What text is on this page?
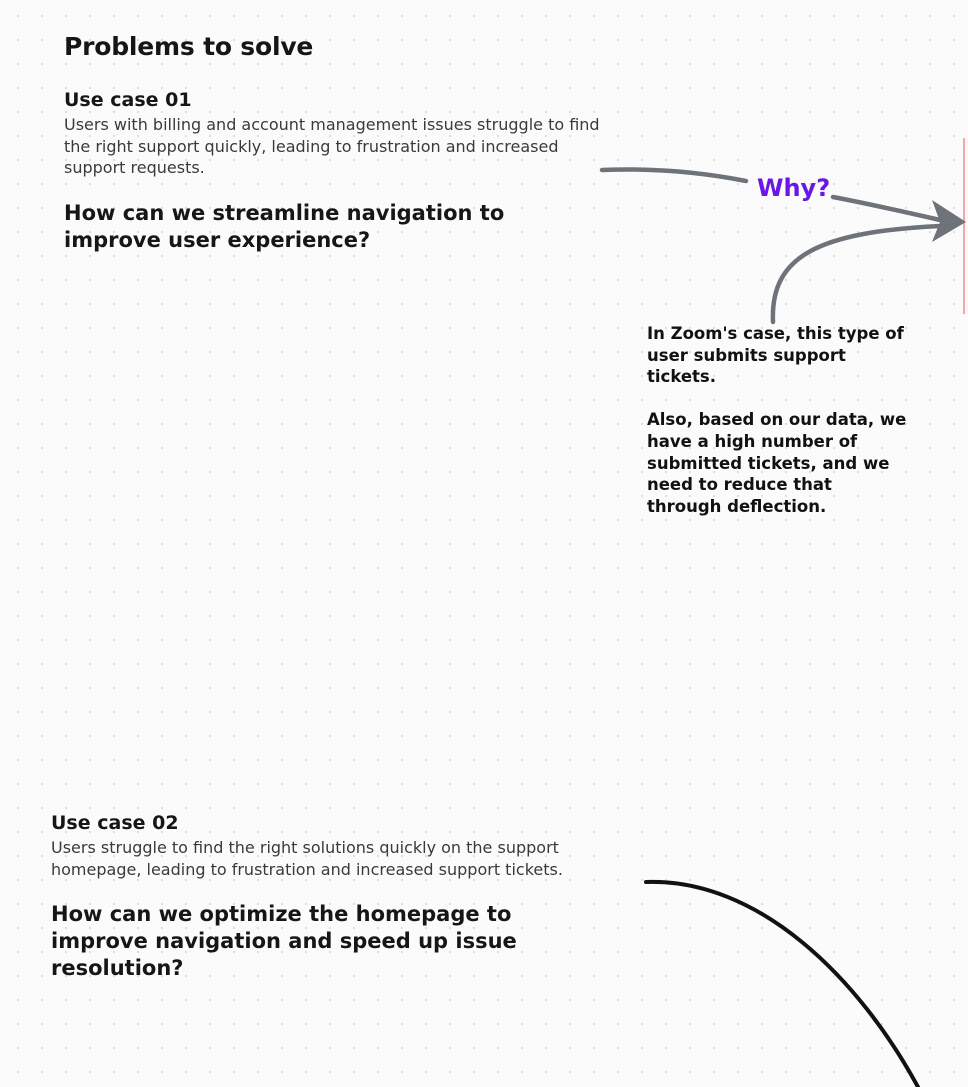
Problems to solve
Use case 01
Users with billing and account management issues struggle to find the right support quickly, leading to frustration and increased support requests.
How can we streamline navigation to improve user experience?
Why?

In Zoom's case, this type of user submits support tickets.

Also, based on our data, we have a high number of submitted tickets, and we need to reduce that through deflection.

Use case 02
Users struggle to find the right solutions quickly on the support homepage, leading to frustration and increased support tickets.
How can we optimize the homepage to improve navigation and speed up issue resolution?
